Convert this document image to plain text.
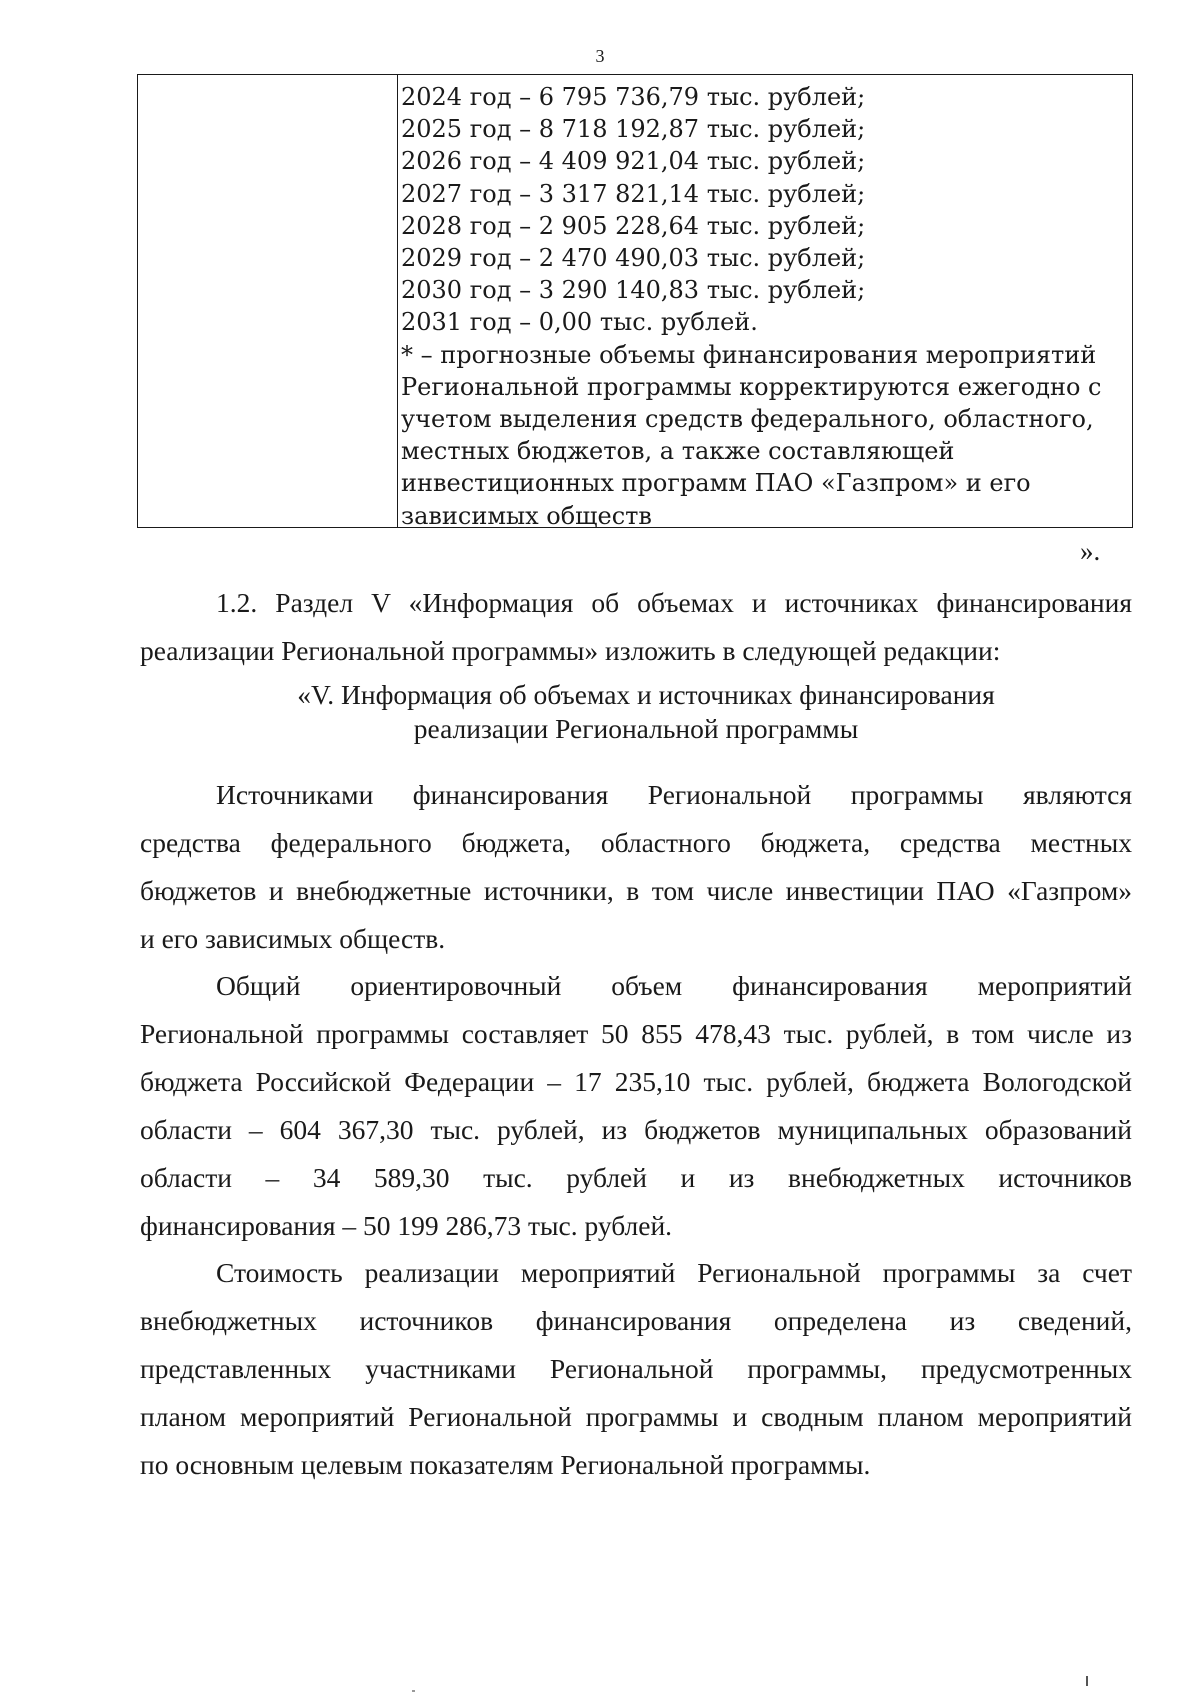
3
2024 год – 6 795 736,79 тыс. рублей;
2025 год – 8 718 192,87 тыс. рублей;
2026 год – 4 409 921,04 тыс. рублей;
2027 год – 3 317 821,14 тыс. рублей;
2028 год – 2 905 228,64 тыс. рублей;
2029 год – 2 470 490,03 тыс. рублей;
2030 год – 3 290 140,83 тыс. рублей;
2031 год – 0,00 тыс. рублей.
* – прогнозные объемы финансирования мероприятий
Региональной программы корректируются ежегодно с
учетом выделения средств федерального, областного,
местных бюджетов, а также составляющей
инвестиционных программ ПАО «Газпром» и его
зависимых обществ
».
1.2. Раздел V «Информация об объемах и источниках финансирования
реализации Региональной программы» изложить в следующей редакции:
«V. Информация об объемах и источниках финансирования
реализации Региональной программы
Источниками финансирования Региональной программы являются
средства федерального бюджета, областного бюджета, средства местных
бюджетов и внебюджетные источники, в том числе инвестиции ПАО «Газпром»
и его зависимых обществ.
Общий ориентировочный объем финансирования мероприятий
Региональной программы составляет 50 855 478,43 тыс. рублей, в том числе из
бюджета Российской Федерации – 17 235,10 тыс. рублей, бюджета Вологодской
области – 604 367,30 тыс. рублей, из бюджетов муниципальных образований
области – 34 589,30 тыс. рублей и из внебюджетных источников
финансирования – 50 199 286,73 тыс. рублей.
Стоимость реализации мероприятий Региональной программы за счет
внебюджетных источников финансирования определена из сведений,
представленных участниками Региональной программы, предусмотренных
планом мероприятий Региональной программы и сводным планом мероприятий
по основным целевым показателям Региональной программы.
